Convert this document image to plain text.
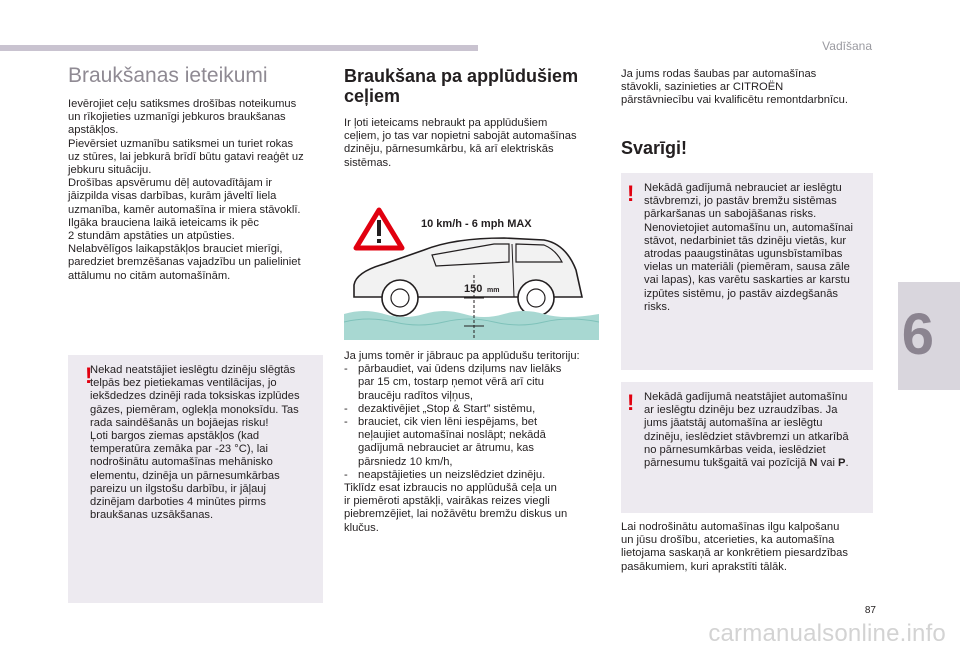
Vadīšana
6
Braukšanas ieteikumi
Ievērojiet ceļu satiksmes drošības noteikumus
un rīkojieties uzmanīgi jebkuros braukšanas
apstākļos.
Pievērsiet uzmanību satiksmei un turiet rokas
uz stūres, lai jebkurā brīdī būtu gatavi reaģēt uz
jebkuru situāciju.
Drošības apsvērumu dēļ autovadītājam ir
jāizpilda visas darbības, kurām jāveltī liela
uzmanība, kamēr automašīna ir miera stāvoklī.
Ilgāka brauciena laikā ieteicams ik pēc
2 stundām apstāties un atpūsties.
Nelabvēlīgos laikapstākļos brauciet mierīgi,
paredziet bremzēšanas vajadzību un palieliniet
attālumu no citām automašīnām.
!
Nekad neatstājiet ieslēgtu dzinēju slēgtās
telpās bez pietiekamas ventilācijas, jo
iekšdedzes dzinēji rada toksiskas izplūdes
gāzes, piemēram, oglekļa monoksīdu. Tas
rada saindēšanās un bojāejas risku!
Ļoti bargos ziemas apstākļos (kad
temperatūra zemāka par -23 °C), lai
nodrošinātu automašīnas mehānisko
elementu, dzinēja un pārnesumkārbas
pareizu un ilgstošu darbību, ir jāļauj
dzinējam darboties 4 minūtes pirms
braukšanas uzsākšanas.
Braukšana pa applūdušiem
ceļiem
Ir ļoti ieteicams nebraukt pa applūdušiem
ceļiem, jo tas var nopietni sabojāt automašīnas
dzinēju, pārnesumkārbu, kā arī elektriskās
sistēmas.
10 km/h - 6 mph MAX
150 mm
Ja jums tomēr ir jābrauc pa applūdušu teritoriju:
- pārbaudiet, vai ūdens dziļums nav lielāks
par 15 cm, tostarp ņemot vērā arī citu
braucēju radītos viļņus,
- dezaktivējiet „Stop & Start” sistēmu,
- brauciet, cik vien lēni iespējams, bet
neļaujiet automašīnai noslāpt; nekādā
gadījumā nebrauciet ar ātrumu, kas
pārsniedz 10 km/h,
- neapstājieties un neizslēdziet dzinēju.
Tiklīdz esat izbraucis no applūdušā ceļa un
ir piemēroti apstākļi, vairākas reizes viegli
piebremzējiet, lai nožāvētu bremžu diskus un
klučus.
Ja jums rodas šaubas par automašīnas
stāvokli, sazinieties ar CITROËN
pārstāvniecību vai kvalificētu remontdarbnīcu.
Svarīgi!
! Nekādā gadījumā nebrauciet ar ieslēgtu
stāvbremzi, jo pastāv bremžu sistēmas
pārkaršanas un sabojāšanas risks.
Nenovietojiet automašīnu un, automašīnai
stāvot, nedarbiniet tās dzinēju vietās, kur
atrodas paaugstinātas ugunsbīstamības
vielas un materiāli (piemēram, sausa zāle
vai lapas), kas varētu saskarties ar karstu
izpūtes sistēmu, jo pastāv aizdegšanās
risks.
! Nekādā gadījumā neatstājiet automašīnu
ar ieslēgtu dzinēju bez uzraudzības. Ja
jums jāatstāj automašīna ar ieslēgtu
dzinēju, ieslēdziet stāvbremzi un atkarībā
no pārnesumkārbas veida, ieslēdziet
pārnesumu tukšgaitā vai pozīcijā N vai P.
Lai nodrošinātu automašīnas ilgu kalpošanu
un jūsu drošību, atcerieties, ka automašīna
lietojama saskaņā ar konkrētiem piesardzības
pasākumiem, kuri aprakstīti tālāk.
87
carmanualsonline.info
